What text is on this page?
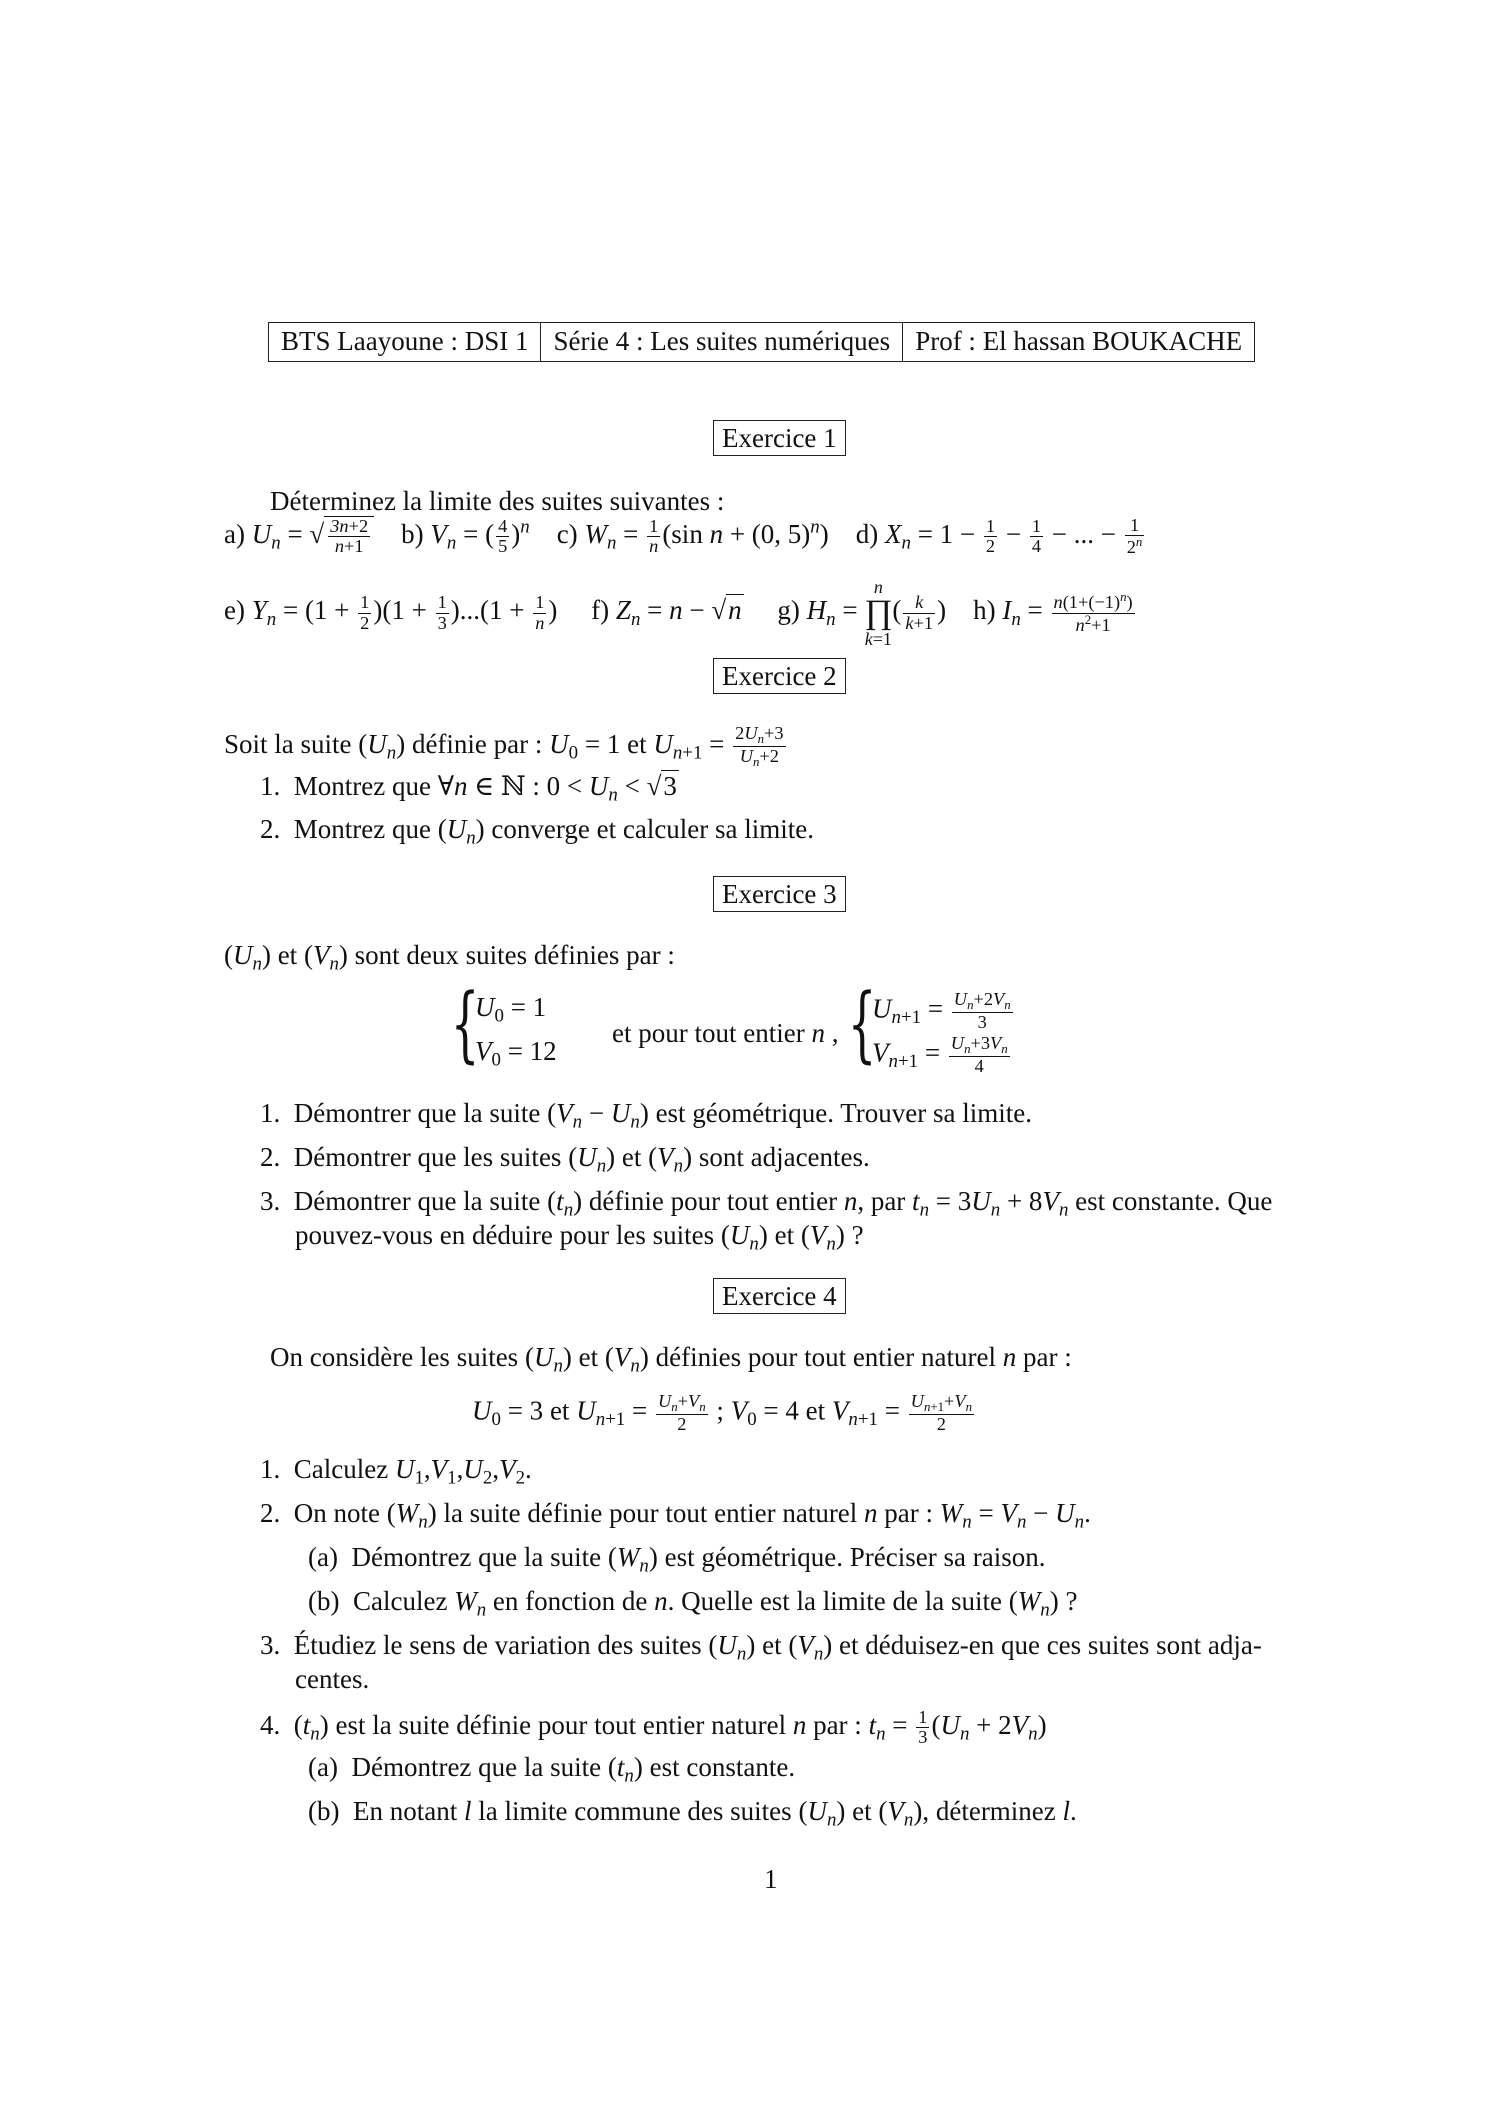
BTS Laayoune : DSI 1 Série 4 : Les suites numériques Prof : El hassan BOUKACHE
Exercice 1
Déterminez la limite des suites suivantes :
a) $U_n$ = √ $\frac{3n+2}{n+1} b$) $V_n$ = ( $\frac{4}{5} )^n$ c) $W_n = \frac{1}{n} (\sin$ n + (0, 5)$^n$)    d) $X_n = 1 - \frac{1}{2} - \frac{1}{4}$ − ... − $\frac{1}{2^n}$
e) $Y_n = (1 + \frac{1}{2} )(1 + \frac{1}{3} )...(1 + \frac{1}{n}$ )     f) $Z_n = n - √n$ g) $H_n$ =
n
∏
k=1
( $\frac{k}{k+1}$ )    h) $I_n = \frac{n(1+(-1)^n)}{n^2+1}$
Exercice 2
Soit la suite $(U_n)$ définie par : $U_0 = 1$ et $U_{n+1} = \frac{2U_n+3}{U_n+2}$
1. Montrez que ∀n ∈ ℕ : $0 < U_n < √3$
2. Montrez que $(U_n)$ converge et calculer sa limite.
Exercice 3
$(U_n)$ et $(V_n)$ sont deux suites définies par :
{
$U_0 = 1$
$V_0 = 12$
et pour tout entier n , {
$U_{n+1} = \frac{U_n+2V_n}{3}$
$V_{n+1} = \frac{U_n+3V_n}{4}$
1. Démontrer que la suite $(V_n - U_n)$ est géométrique. Trouver sa limite.
2. Démontrer que les suites $(U_n)$ et $(V_n)$ sont adjacentes.
3. Démontrer que la suite $(t_n)$ définie pour tout entier n, par $t_n = 3U_n + 8V_n$ est constante. Que
pouvez-vous en déduire pour les suites $(U_n)$ et $(V_n)$ ?
Exercice 4
On considère les suites $(U_n)$ et $(V_n)$ définies pour tout entier naturel n par :
$U_0 = 3$ et $U_{n+1} = \frac{U_n+V_n}{2}$ ; $V_0 = 4$ et $V_{n+1} = \frac{U_{n+1}+V_n}{2}$
1. Calculez $U_1,V_1,U_2,V_2$.
2. On note $(W_n)$ la suite définie pour tout entier naturel n par : $W_n = V_n - U_n$.
(a) Démontrez que la suite $(W_n)$ est géométrique. Préciser sa raison.
(b) Calculez $W_n$ en fonction de n. Quelle est la limite de la suite $(W_n)$ ?
3. Étudiez le sens de variation des suites $(U_n)$ et $(V_n)$ et déduisez-en que ces suites sont adja-
centes.
4.  $(t_n)$ est la suite définie pour tout entier naturel n par : $t_n = \frac{1}{3} (U_n + 2V_n)$
(a) Démontrez que la suite $(t_n)$ est constante.
(b) En notant l la limite commune des suites $(U_n)$ et $(V_n)$, déterminez l.
1
